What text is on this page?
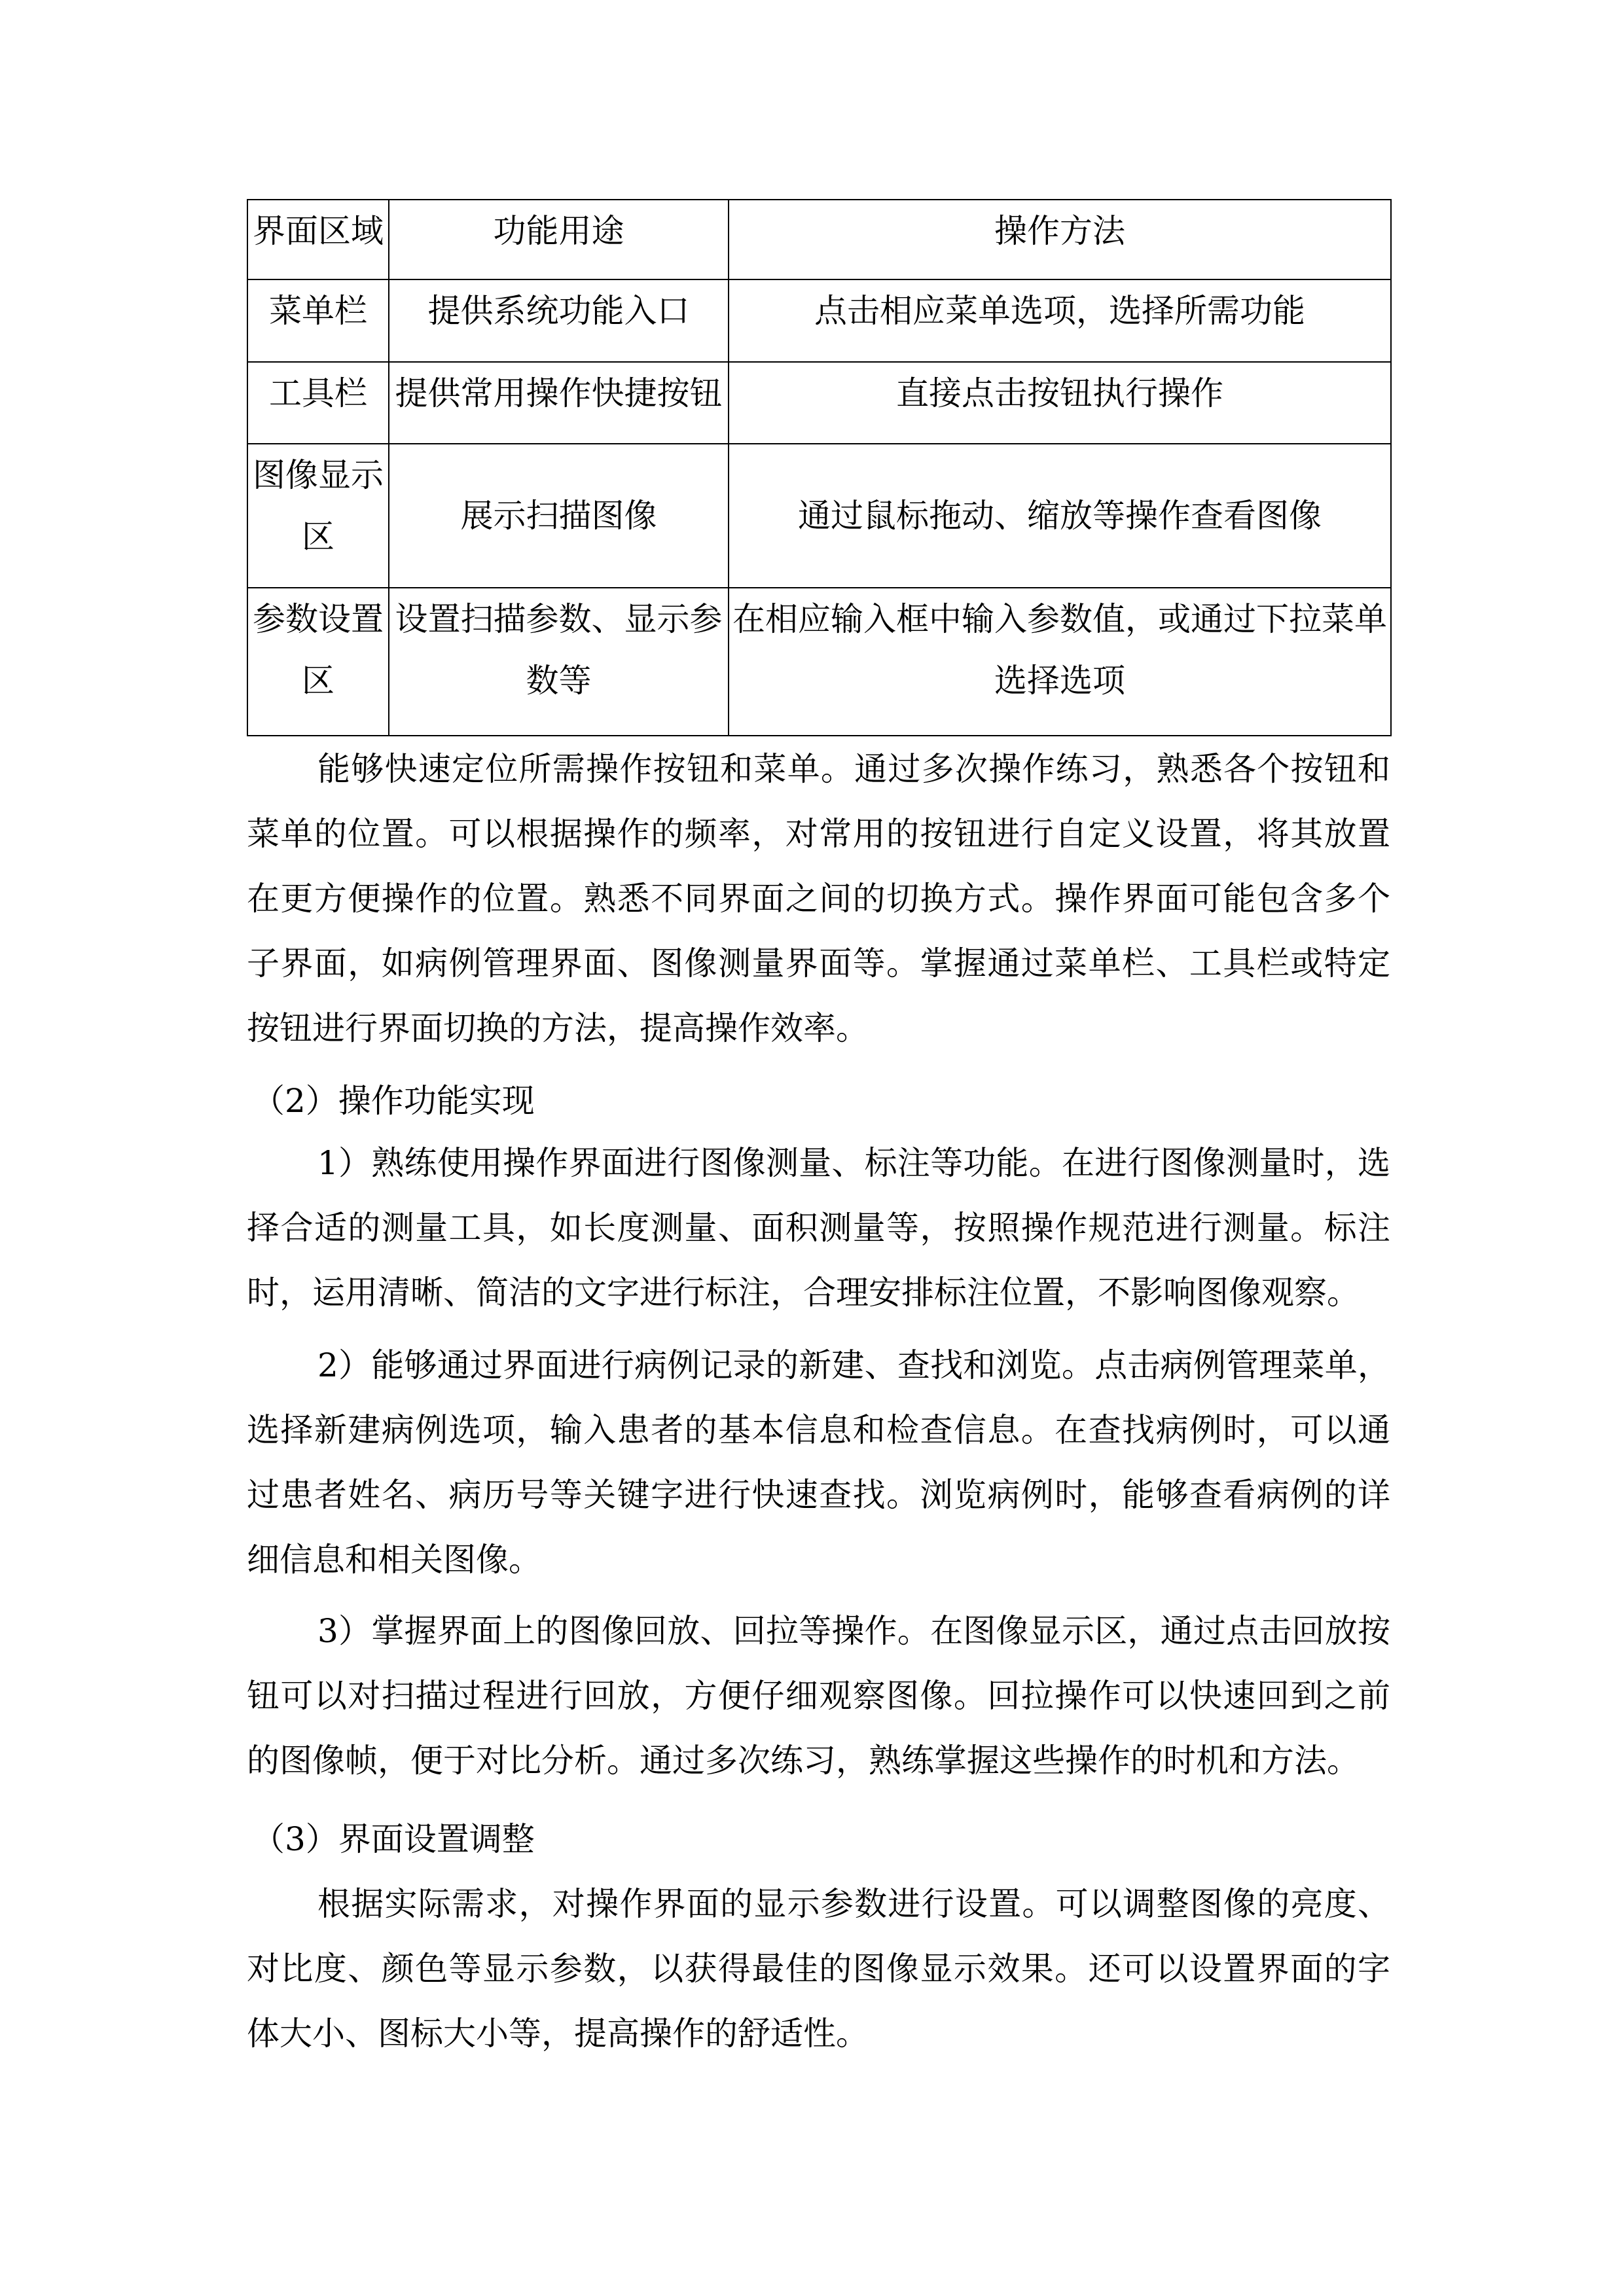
界面区域	功能用途	操作方法
菜单栏	提供系统功能入口	点击相应菜单选项，选择所需功能
工具栏	提供常用操作快捷按钮	直接点击按钮执行操作
图像显示区	展示扫描图像	通过鼠标拖动、缩放等操作查看图像
参数设置区	设置扫描参数、显示参数等	在相应输入框中输入参数值，或通过下拉菜单选择选项
能够快速定位所需操作按钮和菜单。通过多次操作练习，熟悉各个按钮和
菜单的位置。可以根据操作的频率，对常用的按钮进行自定义设置，将其放置
在更方便操作的位置。熟悉不同界面之间的切换方式。操作界面可能包含多个
子界面，如病例管理界面、图像测量界面等。掌握通过菜单栏、工具栏或特定
按钮进行界面切换的方法，提高操作效率。
（2）操作功能实现
1）熟练使用操作界面进行图像测量、标注等功能。在进行图像测量时，选
择合适的测量工具，如长度测量、面积测量等，按照操作规范进行测量。标注
时，运用清晰、简洁的文字进行标注，合理安排标注位置，不影响图像观察。
2）能够通过界面进行病例记录的新建、查找和浏览。点击病例管理菜单，
选择新建病例选项，输入患者的基本信息和检查信息。在查找病例时，可以通
过患者姓名、病历号等关键字进行快速查找。浏览病例时，能够查看病例的详
细信息和相关图像。
3）掌握界面上的图像回放、回拉等操作。在图像显示区，通过点击回放按
钮可以对扫描过程进行回放，方便仔细观察图像。回拉操作可以快速回到之前
的图像帧，便于对比分析。通过多次练习，熟练掌握这些操作的时机和方法。
（3）界面设置调整
根据实际需求，对操作界面的显示参数进行设置。可以调整图像的亮度、
对比度、颜色等显示参数，以获得最佳的图像显示效果。还可以设置界面的字
体大小、图标大小等，提高操作的舒适性。
